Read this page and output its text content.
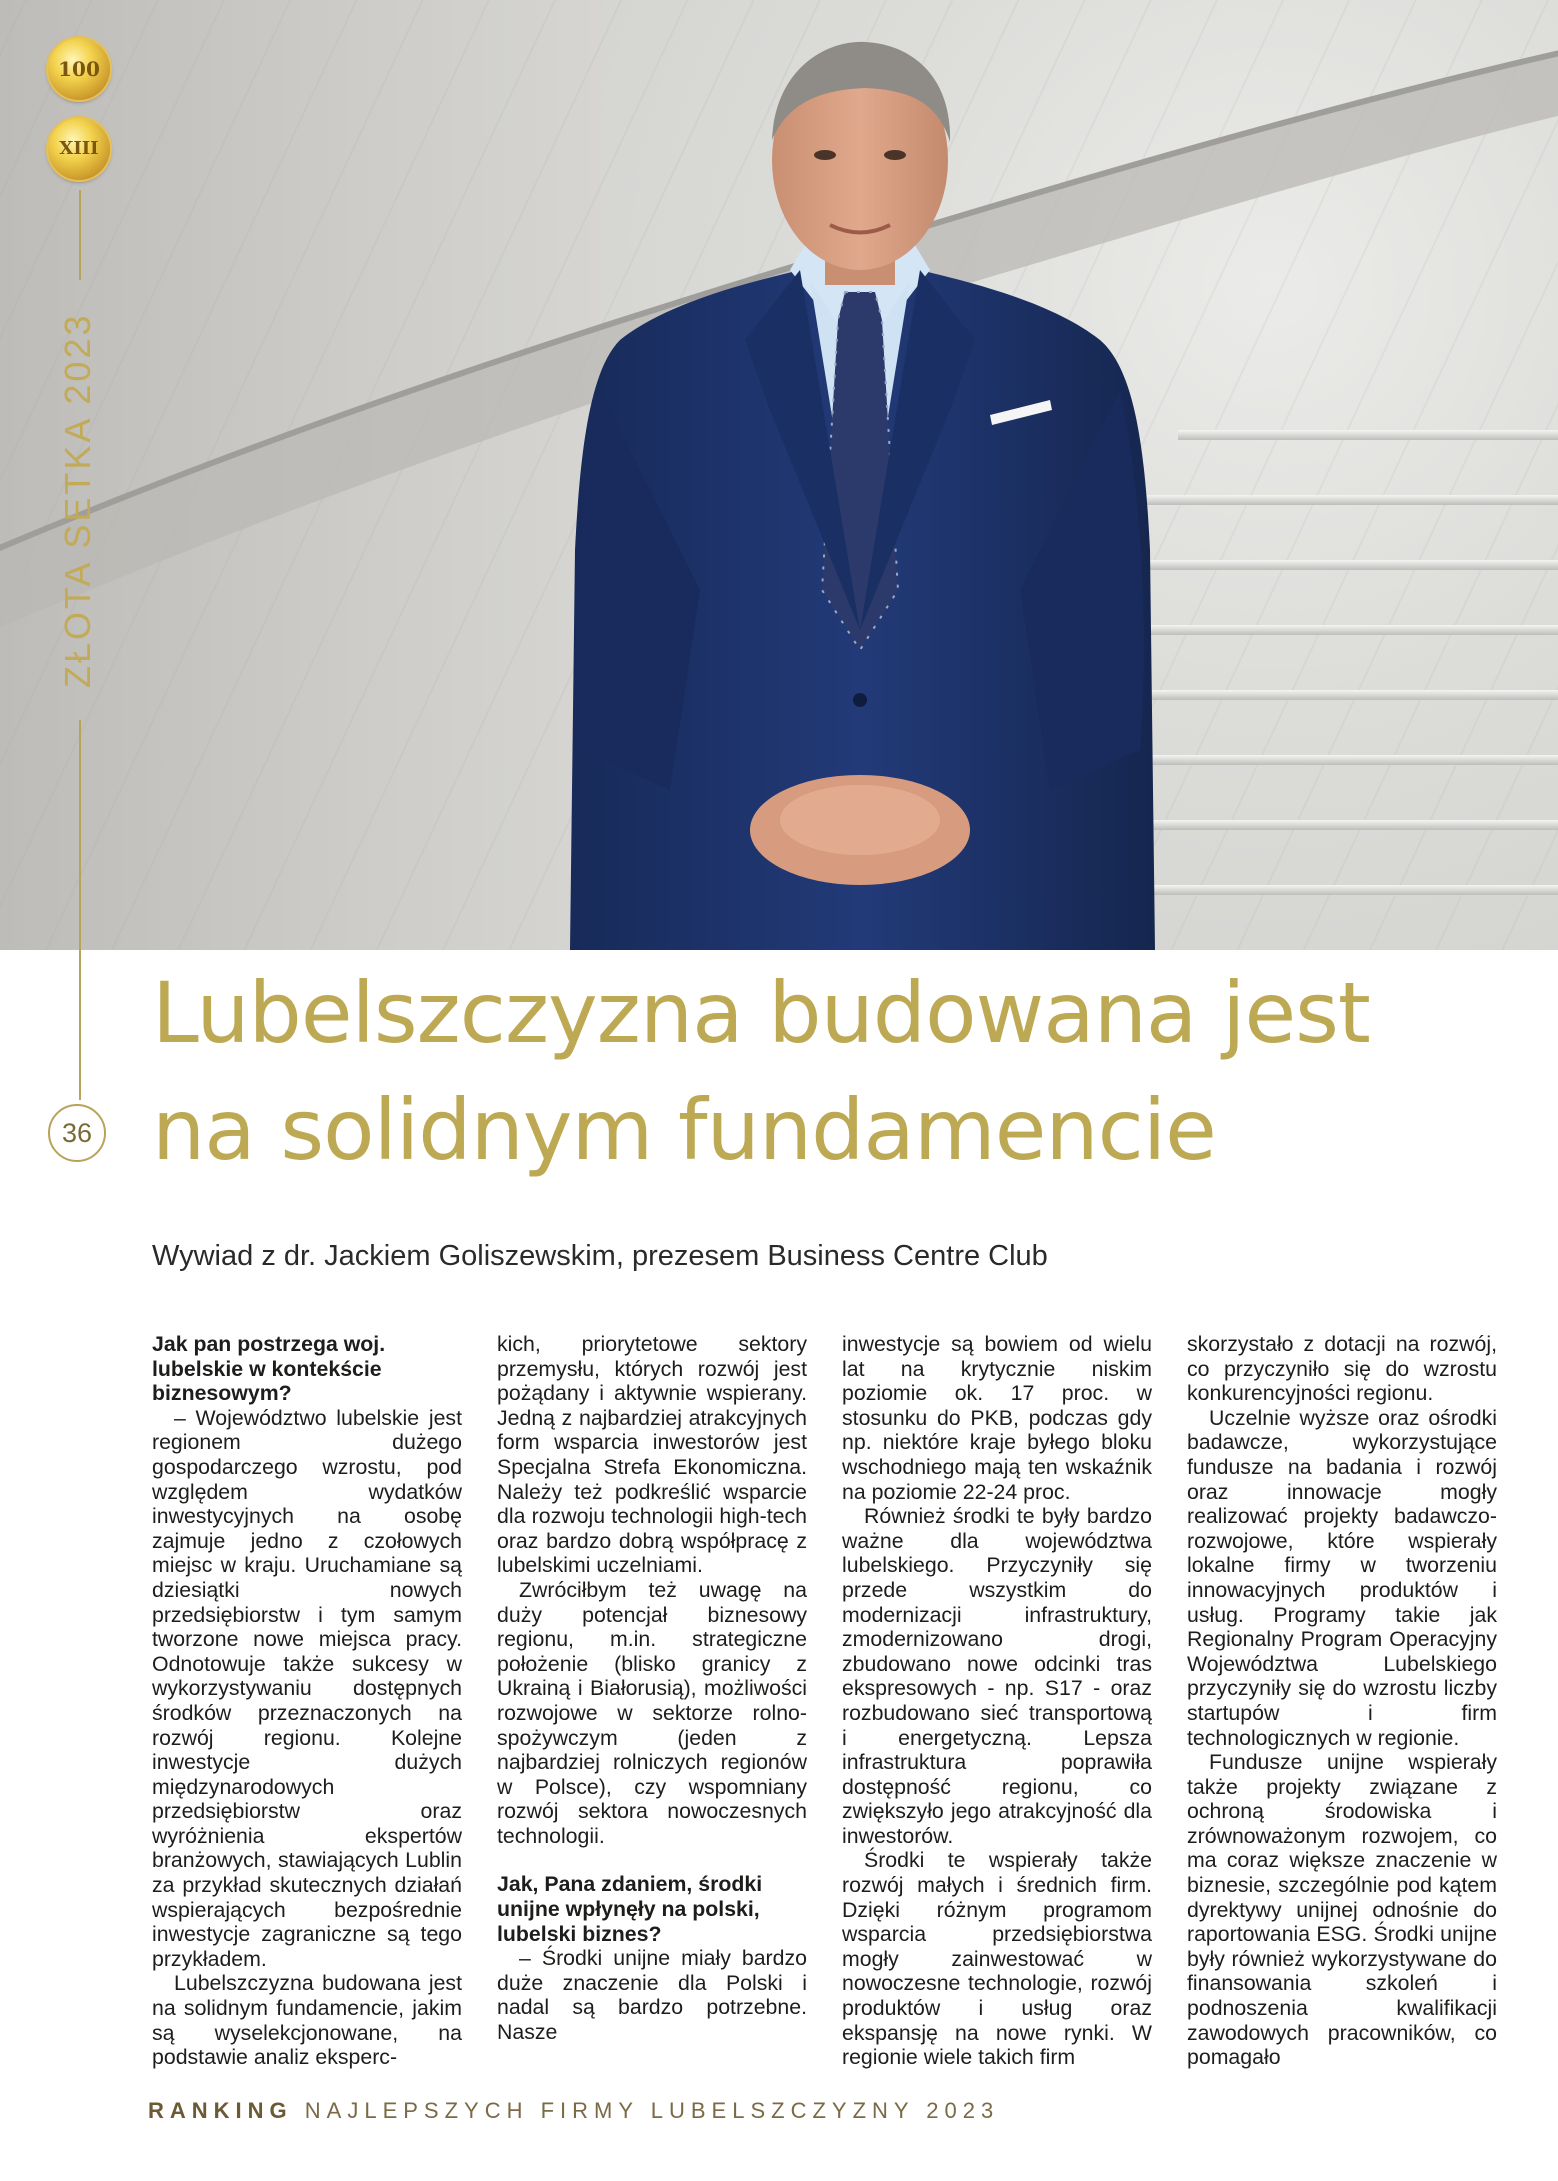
100
XIII
ZŁOTA SETKA 2023
36
Lubelszczyzna budowana jest
na solidnym fundamencie
Wywiad z dr. Jackiem Goliszewskim, prezesem Business Centre Club

Jak pan postrzega woj. lubelskie w kontekście biznesowym?

– Województwo lubelskie jest regionem dużego gospodarczego wzrostu, pod względem wydatków inwestycyjnych na osobę zajmuje jedno z czołowych miejsc w kraju. Uruchamiane są dziesiątki nowych przedsiębiorstw i tym samym tworzone nowe miejsca pracy. Odnotowuje także sukcesy w wykorzystywaniu dostępnych środków przeznaczonych na rozwój regionu. Kolejne inwestycje dużych międzynarodowych przedsiębiorstw oraz wyróżnienia ekspertów branżowych, stawiających Lublin za przykład skutecznych działań wspierających bezpośrednie inwestycje zagraniczne są tego przykładem.

Lubelszczyzna budowana jest na solidnym fundamencie, jakim są wyselekcjonowane, na podstawie analiz eksperc-

kich, priorytetowe sektory przemysłu, których rozwój jest pożądany i aktywnie wspierany. Jedną z najbardziej atrakcyjnych form wsparcia inwestorów jest Specjalna Strefa Ekonomiczna. Należy też podkreślić wsparcie dla rozwoju technologii high-tech oraz bardzo dobrą współpracę z lubelskimi uczelniami.

Zwróciłbym też uwagę na duży potencjał biznesowy regionu, m.in. strategiczne położenie (blisko granicy z Ukrainą i Białorusią), możliwości rozwojowe w sektorze rolno-spożywczym (jeden z najbardziej rolniczych regionów w Polsce), czy wspomniany rozwój sektora nowoczesnych technologii.

Jak, Pana zdaniem, środki unijne wpłynęły na polski, lubelski biznes?

– Środki unijne miały bardzo duże znaczenie dla Polski i nadal są bardzo potrzebne. Nasze

inwestycje są bowiem od wielu lat na krytycznie niskim poziomie ok. 17 proc. w stosunku do PKB, podczas gdy np. niektóre kraje byłego bloku wschodniego mają ten wskaźnik na poziomie 22-24 proc.

Również środki te były bardzo ważne dla województwa lubelskiego. Przyczyniły się przede wszystkim do modernizacji infrastruktury, zmodernizowano drogi, zbudowano nowe odcinki tras ekspresowych - np. S17 - oraz rozbudowano sieć transportową i energetyczną. Lepsza infrastruktura poprawiła dostępność regionu, co zwiększyło jego atrakcyjność dla inwestorów.

Środki te wspierały także rozwój małych i średnich firm. Dzięki różnym programom wsparcia przedsiębiorstwa mogły zainwestować w nowoczesne technologie, rozwój produktów i usług oraz ekspansję na nowe rynki. W regionie wiele takich firm

skorzystało z dotacji na rozwój, co przyczyniło się do wzrostu konkurencyjności regionu.

Uczelnie wyższe oraz ośrodki badawcze, wykorzystujące fundusze na badania i rozwój oraz innowacje mogły realizować projekty badawczo-rozwojowe, które wspierały lokalne firmy w tworzeniu innowacyjnych produktów i usług. Programy takie jak Regionalny Program Operacyjny Województwa Lubelskiego przyczyniły się do wzrostu liczby startupów i firm technologicznych w regionie.

Fundusze unijne wspierały także projekty związane z ochroną środowiska i zrównoważonym rozwojem, co ma coraz większe znaczenie w biznesie, szczególnie pod kątem dyrektywy unijnej odnośnie do raportowania ESG. Środki unijne były również wykorzystywane do finansowania szkoleń i podnoszenia kwalifikacji zawodowych pracowników, co pomagało

RANKING NAJLEPSZYCH FIRMY LUBELSZCZYZNY 2023
